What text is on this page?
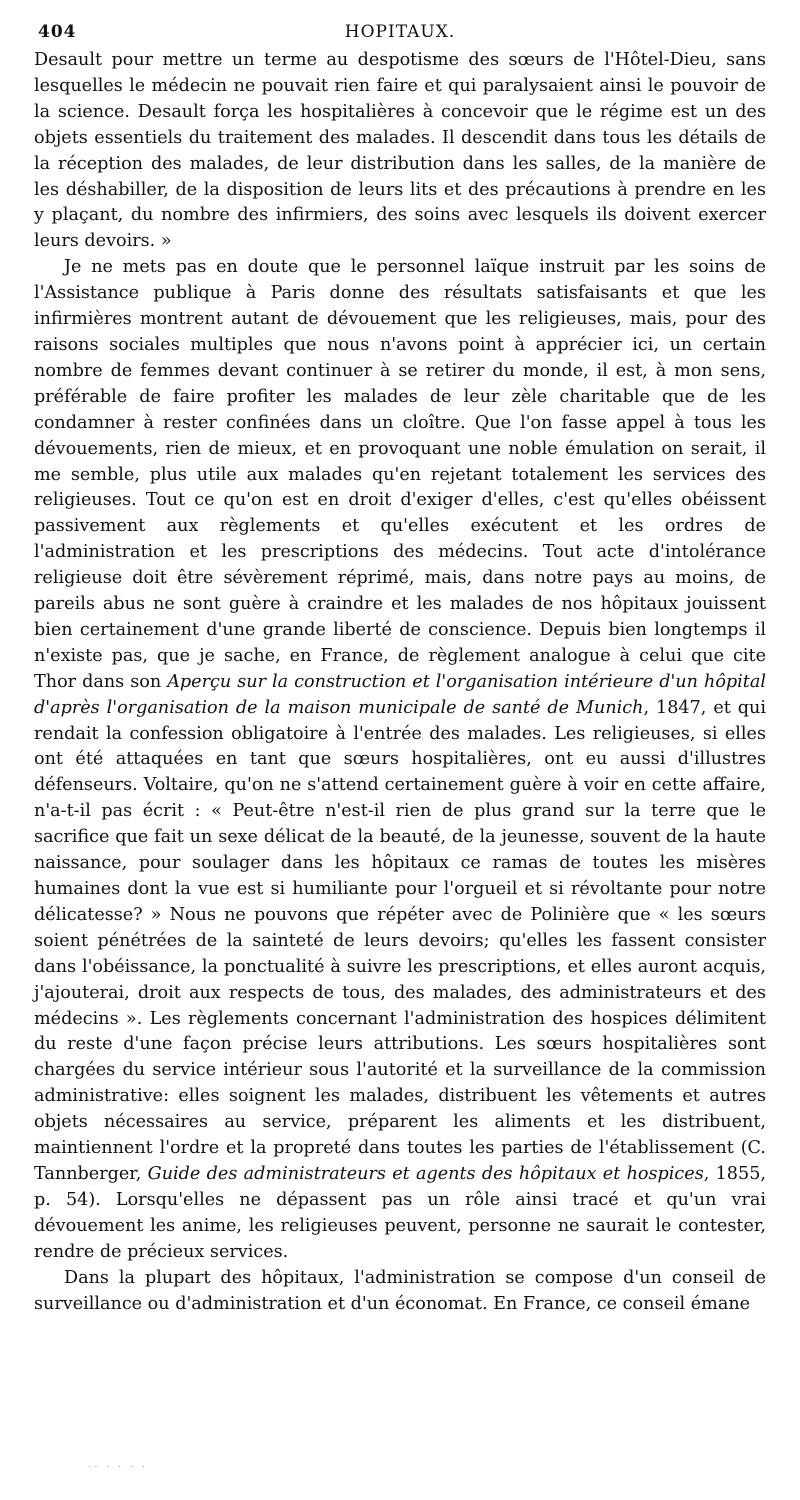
404	HOPITAUX.

Desault pour mettre un terme au despotisme des sœurs de l'Hôtel-Dieu, sans lesquelles le médecin ne pouvait rien faire et qui paralysaient ainsi le pouvoir de la science. Desault força les hospitalières à concevoir que le régime est un des objets essentiels du traitement des malades. Il descendit dans tous les détails de la réception des malades, de leur distribution dans les salles, de la manière de les déshabiller, de la disposition de leurs lits et des précautions à prendre en les y plaçant, du nombre des infirmiers, des soins avec lesquels ils doivent exercer leurs devoirs. »

Je ne mets pas en doute que le personnel laïque instruit par les soins de l'Assistance publique à Paris donne des résultats satisfaisants et que les infirmières montrent autant de dévouement que les religieuses, mais, pour des raisons sociales multiples que nous n'avons point à apprécier ici, un certain nombre de femmes devant continuer à se retirer du monde, il est, à mon sens, préférable de faire profiter les malades de leur zèle charitable que de les condamner à rester confinées dans un cloître. Que l'on fasse appel à tous les dévouements, rien de mieux, et en provoquant une noble émulation on serait, il me semble, plus utile aux malades qu'en rejetant totalement les services des religieuses. Tout ce qu'on est en droit d'exiger d'elles, c'est qu'elles obéissent passivement aux règlements et qu'elles exécutent et les ordres de l'administration et les prescriptions des médecins. Tout acte d'intolérance religieuse doit être sévèrement réprimé, mais, dans notre pays au moins, de pareils abus ne sont guère à craindre et les malades de nos hôpitaux jouissent bien certainement d'une grande liberté de conscience. Depuis bien longtemps il n'existe pas, que je sache, en France, de règlement analogue à celui que cite Thor dans son Aperçu sur la construction et l'organisation intérieure d'un hôpital d'après l'organisation de la maison municipale de santé de Munich, 1847, et qui rendait la confession obligatoire à l'entrée des malades. Les religieuses, si elles ont été attaquées en tant que sœurs hospitalières, ont eu aussi d'illustres défenseurs. Voltaire, qu'on ne s'attend certainement guère à voir en cette affaire, n'a-t-il pas écrit : « Peut-être n'est-il rien de plus grand sur la terre que le sacrifice que fait un sexe délicat de la beauté, de la jeunesse, souvent de la haute naissance, pour soulager dans les hôpitaux ce ramas de toutes les misères humaines dont la vue est si humiliante pour l'orgueil et si révoltante pour notre délicatesse? » Nous ne pouvons que répéter avec de Polinière que « les sœurs soient pénétrées de la sainteté de leurs devoirs; qu'elles les fassent consister dans l'obéissance, la ponctualité à suivre les prescriptions, et elles auront acquis, j'ajouterai, droit aux respects de tous, des malades, des administrateurs et des médecins ». Les règlements concernant l'administration des hospices délimitent du reste d'une façon précise leurs attributions. Les sœurs hospitalières sont chargées du service intérieur sous l'autorité et la surveillance de la commission administrative: elles soignent les malades, distribuent les vêtements et autres objets nécessaires au service, préparent les aliments et les distribuent, maintiennent l'ordre et la propreté dans toutes les parties de l'établissement (C. Tannberger, Guide des administrateurs et agents des hôpitaux et hospices, 1855, p. 54). Lorsqu'elles ne dépassent pas un rôle ainsi tracé et qu'un vrai dévouement les anime, les religieuses peuvent, personne ne saurait le contester, rendre de précieux services.

Dans la plupart des hôpitaux, l'administration se compose d'un conseil de surveillance ou d'administration et d'un économat. En France, ce conseil émane

·· · · · ·
